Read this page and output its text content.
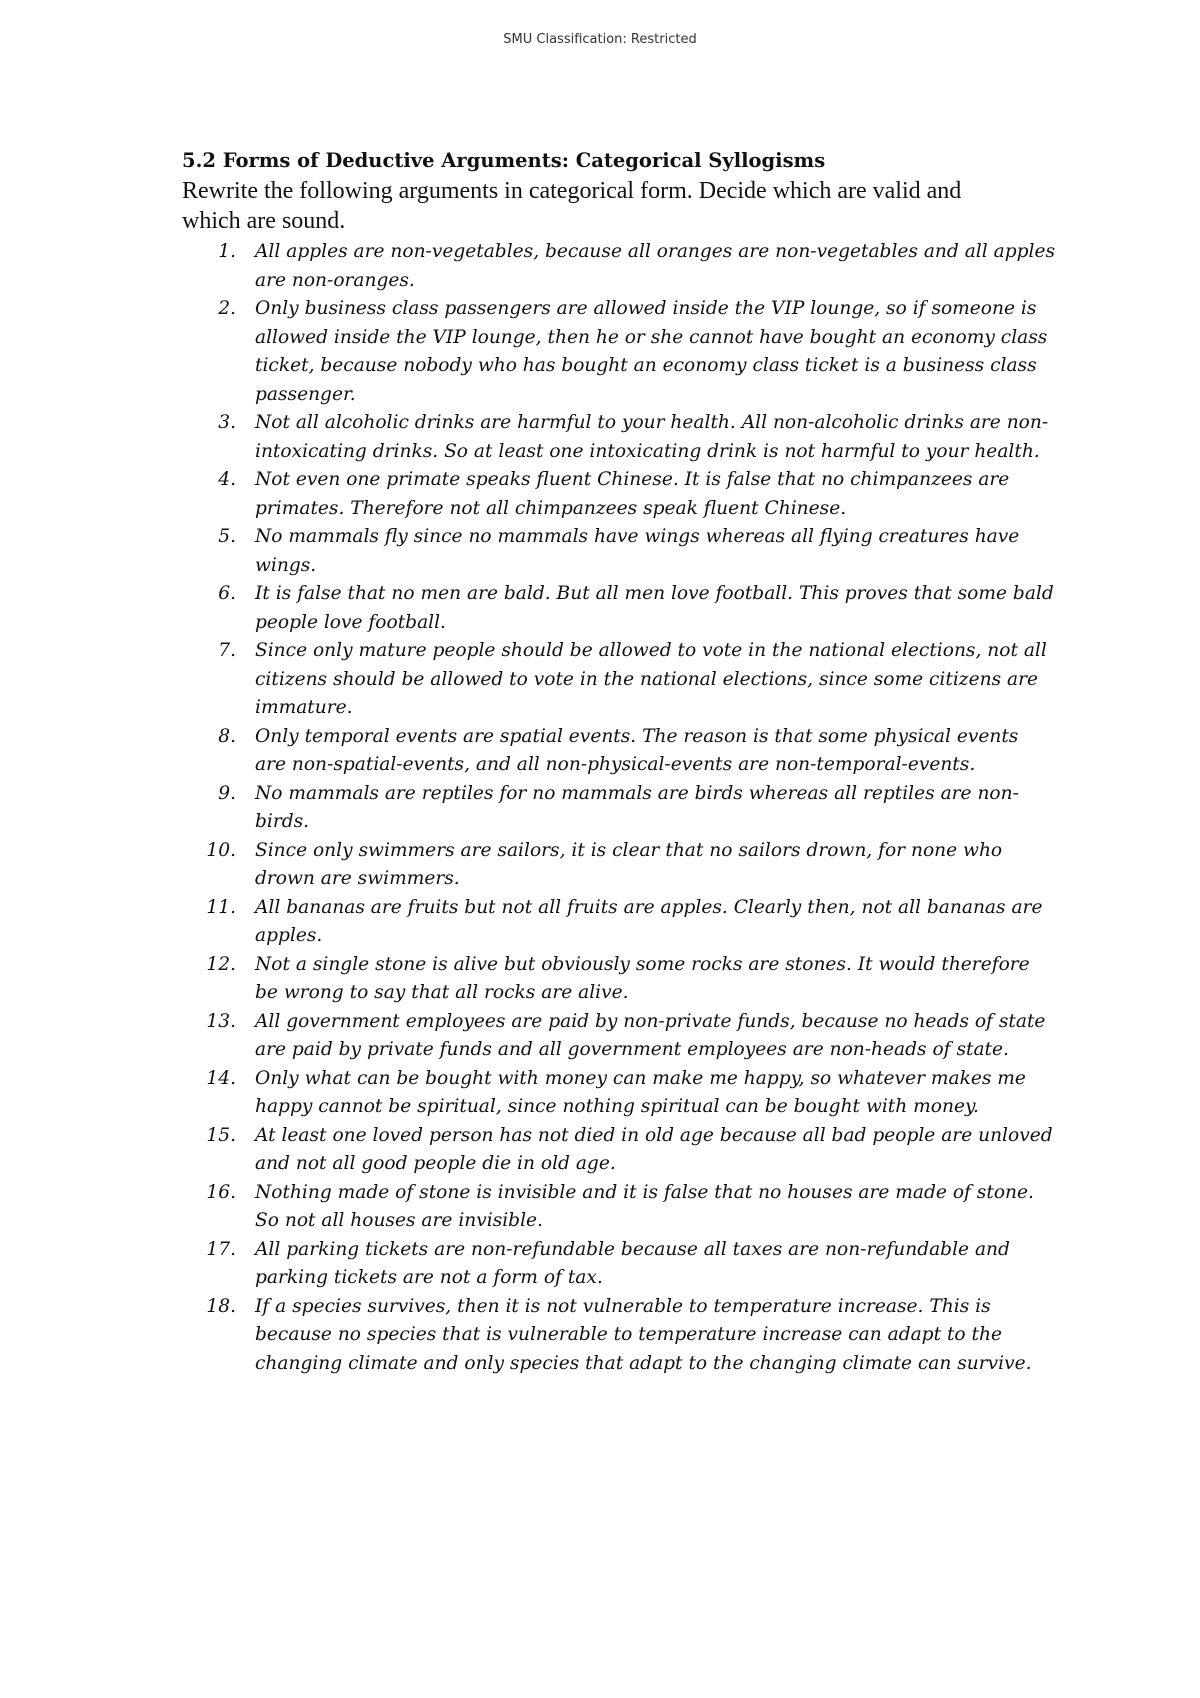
SMU Classification: Restricted
5.2 Forms of Deductive Arguments: Categorical Syllogisms

Rewrite the following arguments in categorical form. Decide which are valid and which are sound.

1. All apples are non-vegetables, because all oranges are non-vegetables and all apples are non-oranges.
2. Only business class passengers are allowed inside the VIP lounge, so if someone is allowed inside the VIP lounge, then he or she cannot have bought an economy class ticket, because nobody who has bought an economy class ticket is a business class passenger.
3. Not all alcoholic drinks are harmful to your health. All non-alcoholic drinks are non-intoxicating drinks. So at least one intoxicating drink is not harmful to your health.
4. Not even one primate speaks fluent Chinese. It is false that no chimpanzees are primates. Therefore not all chimpanzees speak fluent Chinese.
5. No mammals fly since no mammals have wings whereas all flying creatures have wings.
6. It is false that no men are bald. But all men love football. This proves that some bald people love football.
7. Since only mature people should be allowed to vote in the national elections, not all citizens should be allowed to vote in the national elections, since some citizens are immature.
8. Only temporal events are spatial events. The reason is that some physical events are non-spatial-events, and all non-physical-events are non-temporal-events.
9. No mammals are reptiles for no mammals are birds whereas all reptiles are non-birds.
10. Since only swimmers are sailors, it is clear that no sailors drown, for none who drown are swimmers.
11. All bananas are fruits but not all fruits are apples. Clearly then, not all bananas are apples.
12. Not a single stone is alive but obviously some rocks are stones. It would therefore be wrong to say that all rocks are alive.
13. All government employees are paid by non-private funds, because no heads of state are paid by private funds and all government employees are non-heads of state.
14. Only what can be bought with money can make me happy, so whatever makes me happy cannot be spiritual, since nothing spiritual can be bought with money.
15. At least one loved person has not died in old age because all bad people are unloved and not all good people die in old age.
16. Nothing made of stone is invisible and it is false that no houses are made of stone. So not all houses are invisible.
17. All parking tickets are non-refundable because all taxes are non-refundable and parking tickets are not a form of tax.
18. If a species survives, then it is not vulnerable to temperature increase. This is because no species that is vulnerable to temperature increase can adapt to the changing climate and only species that adapt to the changing climate can survive.
